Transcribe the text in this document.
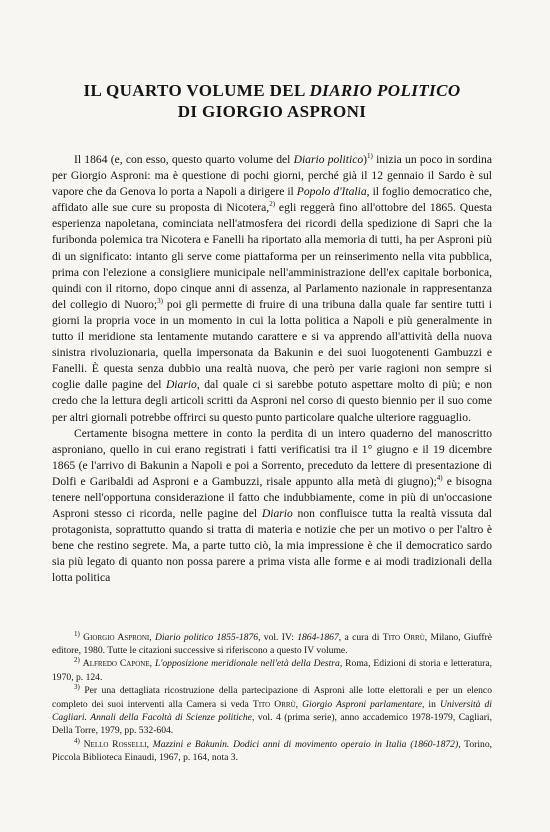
IL QUARTO VOLUME DEL DIARIO POLITICO
DI GIORGIO ASPRONI

Il 1864 (e, con esso, questo quarto volume del Diario politico)$^{1)}$ inizia un poco in sordina per Giorgio Asproni: ma è questione di pochi giorni, perché già il 12 gennaio il Sardo è sul vapore che da Genova lo porta a Napoli a dirigere il Popolo d'Italia, il foglio democratico che, affidato alle sue cure su proposta di Nicotera,$^{2)}$ egli reggerà fino all'ottobre del 1865. Questa esperienza napoletana, cominciata nell'atmosfera dei ricordi della spedizione di Sapri che la furibonda polemica tra Nicotera e Fanelli ha riportato alla memoria di tutti, ha per Asproni più di un significato: intanto gli serve come piattaforma per un reinserimento nella vita pubblica, prima con l'elezione a consigliere municipale nell'amministrazione dell'ex capitale borbonica, quindi con il ritorno, dopo cinque anni di assenza, al Parlamento nazionale in rappresentanza del collegio di Nuoro;$^{3)}$ poi gli permette di fruire di una tribuna dalla quale far sentire tutti i giorni la propria voce in un momento in cui la lotta politica a Napoli e più generalmente in tutto il meridione sta lentamente mutando carattere e si va apprendo all'attività della nuova sinistra rivoluzionaria, quella impersonata da Bakunin e dei suoi luogotenenti Gambuzzi e Fanelli. È questa senza dubbio una realtà nuova, che però per varie ragioni non sempre si coglie dalle pagine del Diario, dal quale ci si sarebbe potuto aspettare molto di più; e non credo che la lettura degli articoli scritti da Asproni nel corso di questo biennio per il suo come per altri giornali potrebbe offrirci su questo punto particolare qualche ulteriore ragguaglio.

Certamente bisogna mettere in conto la perdita di un intero quaderno del manoscritto asproniano, quello in cui erano registrati i fatti verificatisi tra il 1° giugno e il 19 dicembre 1865 (e l'arrivo di Bakunin a Napoli e poi a Sorrento, preceduto da lettere di presentazione di Dolfi e Garibaldi ad Asproni e a Gambuzzi, risale appunto alla metà di giugno);$^{4)}$ e bisogna tenere nell'opportuna considerazione il fatto che indubbiamente, come in più di un'occasione Asproni stesso ci ricorda, nelle pagine del Diario non confluisce tutta la realtà vissuta dal protagonista, soprattutto quando si tratta di materia e notizie che per un motivo o per l'altro è bene che restino segrete. Ma, a parte tutto ciò, la mia impressione è che il democratico sardo sia più legato di quanto non possa parere a prima vista alle forme e ai modi tradizionali della lotta politica

$^{1)}$ Giorgio Asproni, Diario politico 1855-1876, vol. IV: 1864-1867, a cura di Tito Orrù, Milano, Giuffrè editore, 1980. Tutte le citazioni successive si riferiscono a questo IV volume.

$^{2)}$ Alfredo Capone, L'opposizione meridionale nell'età della Destra, Roma, Edizioni di storia e letteratura, 1970, p. 124.

$^{3)}$ Per una dettagliata ricostruzione della partecipazione di Asproni alle lotte elettorali e per un elenco completo dei suoi interventi alla Camera si veda Tito Orrù, Giorgio Asproni parlamentare, in Università di Cagliari. Annali della Facoltà di Scienze politiche, vol. 4 (prima serie), anno accademico 1978-1979, Cagliari, Della Torre, 1979, pp. 532-604.

$^{4)}$ Nello Rosselli, Mazzini e Bakunin. Dodici anni di movimento operaio in Italia (1860-1872), Torino, Piccola Biblioteca Einaudi, 1967, p. 164, nota 3.
